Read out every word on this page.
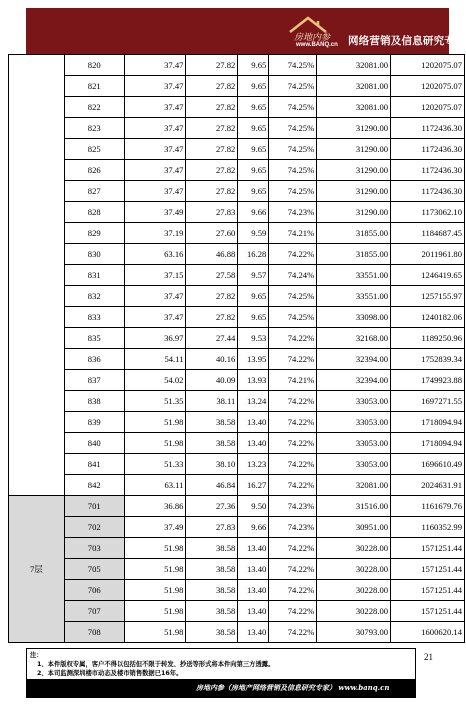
房地内参
www.BANQ.cn 网络营销及信息研究专家
	820	37.47	27.82	9.65	74.25%	32081.00	1202075.07
	821	37.47	27.82	9.65	74.25%	32081.00	1202075.07
	822	37.47	27.82	9.65	74.25%	32081.00	1202075.07
	823	37.47	27.82	9.65	74.25%	31290.00	1172436.30
	825	37.47	27.82	9.65	74.25%	31290.00	1172436.30
	826	37.47	27.82	9.65	74.25%	31290.00	1172436.30
	827	37.47	27.82	9.65	74.25%	31290.00	1172436.30
	828	37.49	27.83	9.66	74.23%	31290.00	1173062.10
	829	37.19	27.60	9.59	74.21%	31855.00	1184687.45
	830	63.16	46.88	16.28	74.22%	31855.00	2011961.80
	831	37.15	27.58	9.57	74.24%	33551.00	1246419.65
	832	37.47	27.82	9.65	74.25%	33551.00	1257155.97
	833	37.47	27.82	9.65	74.25%	33098.00	1240182.06
	835	36.97	27.44	9.53	74.22%	32168.00	1189250.96
	836	54.11	40.16	13.95	74.22%	32394.00	1752839.34
	837	54.02	40.09	13.93	74.21%	32394.00	1749923.88
	838	51.35	38.11	13.24	74.22%	33053.00	1697271.55
	839	51.98	38.58	13.40	74.22%	33053.00	1718094.94
	840	51.98	38.58	13.40	74.22%	33053.00	1718094.94
	841	51.33	38.10	13.23	74.22%	33053.00	1696610.49
	842	63.11	46.84	16.27	74.22%	32081.00	2024631.91
7层	701	36.86	27.36	9.50	74.23%	31516.00	1161679.76
	702	37.49	27.83	9.66	74.23%	30951.00	1160352.99
	703	51.98	38.58	13.40	74.22%	30228.00	1571251.44
	705	51.98	38.58	13.40	74.22%	30228.00	1571251.44
	706	51.98	38.58	13.40	74.22%	30228.00	1571251.44
	707	51.98	38.58	13.40	74.22%	30228.00	1571251.44
	708	51.98	38.58	13.40	74.22%	30793.00	1600620.14
注：
1、本件版权专属，客户不得以包括但不限于转发、抄送等形式将本件向第三方透露。
2、本司监测深圳楼市动态及楼市销售数据已16年。
房地内参（房地产网络营销及信息研究专家） www.banq.cn
21
